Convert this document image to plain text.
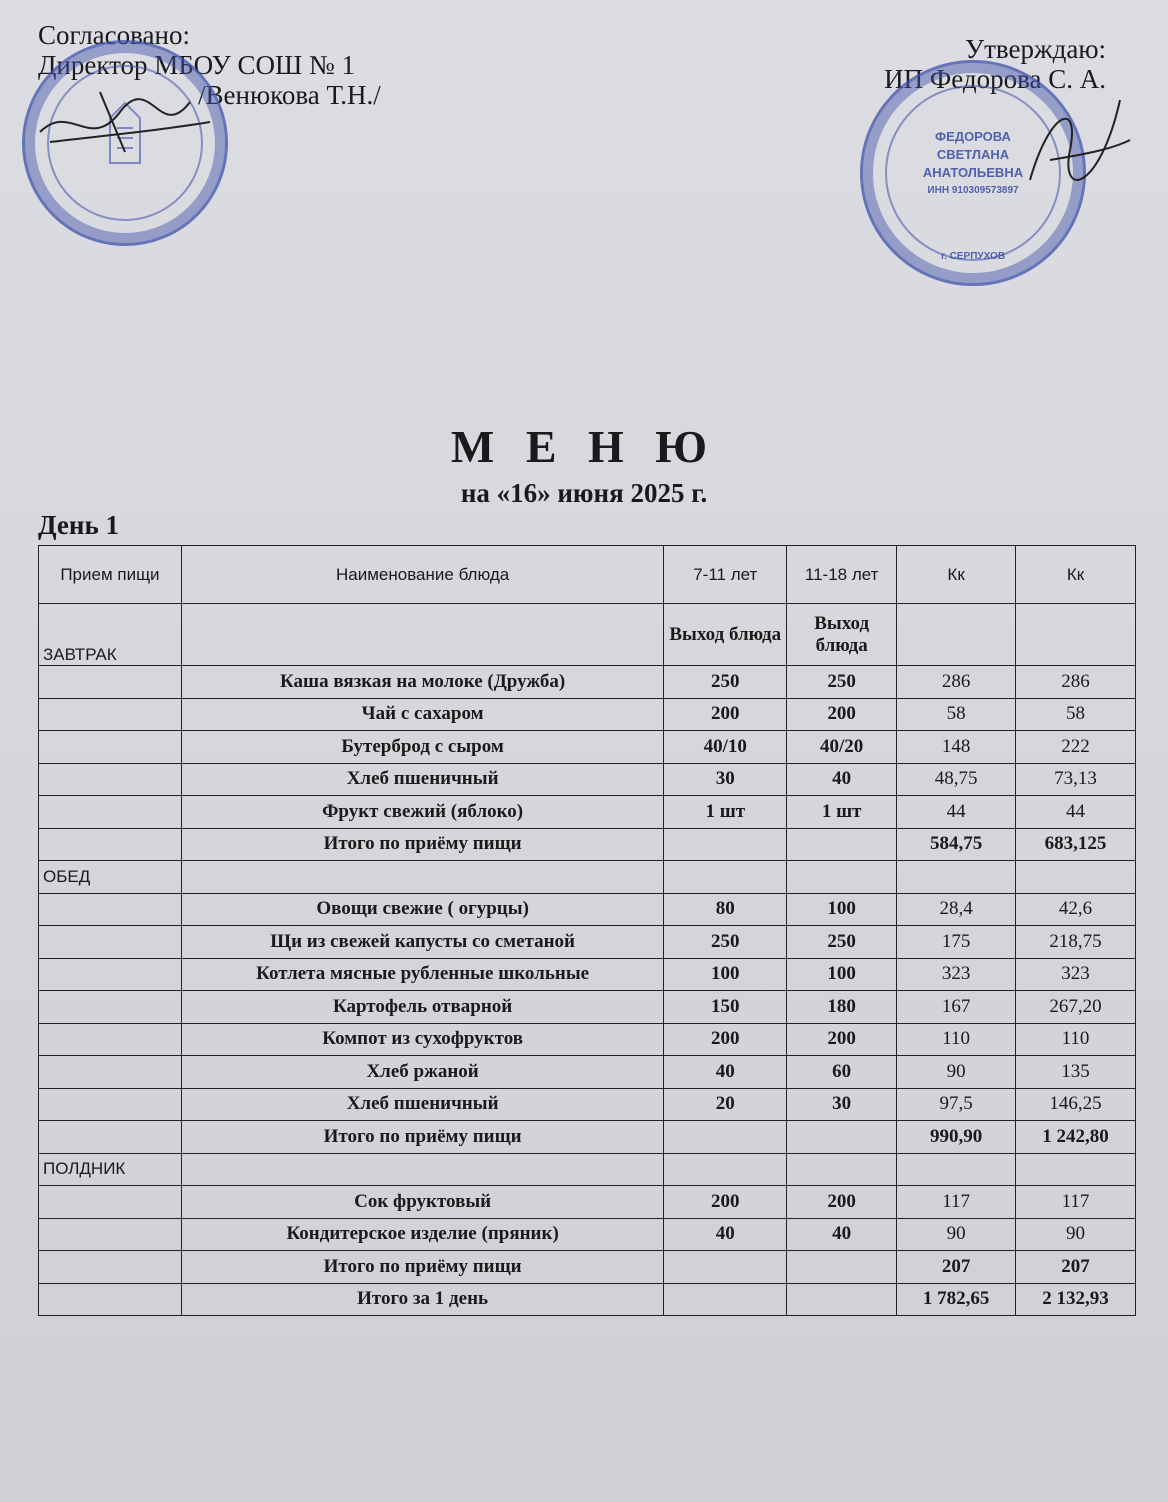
Согласовано:
Директор МБОУ СОШ № 1
/Венюкова Т.Н./
Утверждаю:
ИП Федорова С. А.
ФЕДОРОВА
СВЕТЛАНА
АНАТОЛЬЕВНА
ИНН 910309573897
г. СЕРПУХОВ
М Е Н Ю
на «16» июня 2025 г.
День 1
Прием пищи	Наименование блюда	7-11 лет	11-18 лет	Кк	Кк
ЗАВТРАК		Выход блюда	Выход блюда		
	Каша вязкая на молоке (Дружба)	250	250	286	286
	Чай с сахаром	200	200	58	58
	Бутерброд с сыром	40/10	40/20	148	222
	Хлеб пшеничный	30	40	48,75	73,13
	Фрукт свежий (яблоко)	1 шт	1 шт	44	44
	Итого по приёму пищи			584,75	683,125
ОБЕД					
	Овощи свежие ( огурцы)	80	100	28,4	42,6
	Щи из свежей капусты со сметаной	250	250	175	218,75
	Котлета мясные рубленные школьные	100	100	323	323
	Картофель отварной	150	180	167	267,20
	Компот из сухофруктов	200	200	110	110
	Хлеб ржаной	40	60	90	135
	Хлеб пшеничный	20	30	97,5	146,25
	Итого по приёму пищи			990,90	1 242,80
ПОЛДНИК					
	Сок фруктовый	200	200	117	117
	Кондитерское изделие (пряник)	40	40	90	90
	Итого по приёму пищи			207	207
	Итого за 1 день			1 782,65	2 132,93
